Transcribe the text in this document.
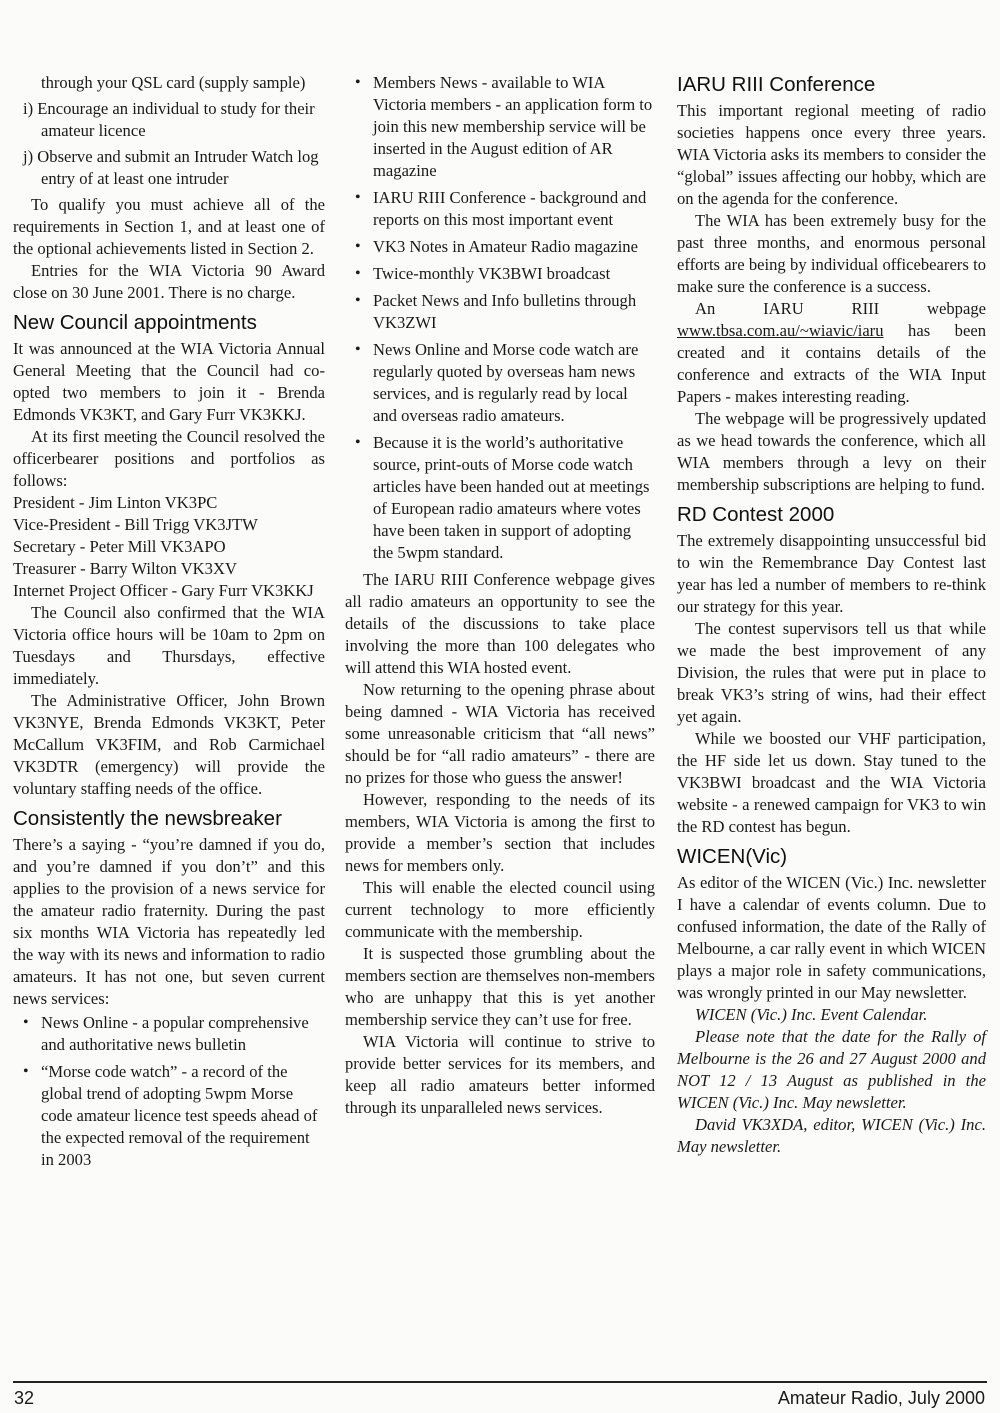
through your QSL card (supply sample)

i) Encourage an individual to study for their amateur licence

j) Observe and submit an Intruder Watch log entry of at least one intruder

To qualify you must achieve all of the requirements in Section 1, and at least one of the optional achievements listed in Section 2.

Entries for the WIA Victoria 90 Award close on 30 June 2001. There is no charge.

New Council appointments

It was announced at the WIA Victoria Annual General Meeting that the Council had co-opted two members to join it - Brenda Edmonds VK3KT, and Gary Furr VK3KKJ.

At its first meeting the Council resolved the officerbearer positions and portfolios as follows:

President - Jim Linton VK3PC

Vice-President - Bill Trigg VK3JTW

Secretary - Peter Mill VK3APO

Treasurer - Barry Wilton VK3XV

Internet Project Officer - Gary Furr VK3KKJ

The Council also confirmed that the WIA Victoria office hours will be 10am to 2pm on Tuesdays and Thursdays, effective immediately.

The Administrative Officer, John Brown VK3NYE, Brenda Edmonds VK3KT, Peter McCallum VK3FIM, and Rob Carmichael VK3DTR (emergency) will provide the voluntary staffing needs of the office.

Consistently the newsbreaker

There’s a saying - “you’re damned if you do, and you’re damned if you don’t” and this applies to the provision of a news service for the amateur radio fraternity. During the past six months WIA Victoria has repeatedly led the way with its news and information to radio amateurs. It has not one, but seven current news services:

• News Online - a popular comprehensive and authoritative news bulletin
• “Morse code watch” - a record of the global trend of adopting 5wpm Morse code amateur licence test speeds ahead of the expected removal of the requirement in 2003
• Members News - available to WIA Victoria members - an application form to join this new membership service will be inserted in the August edition of AR magazine
• IARU RIII Conference - background and reports on this most important event
• VK3 Notes in Amateur Radio magazine
• Twice-monthly VK3BWI broadcast
• Packet News and Info bulletins through VK3ZWI
• News Online and Morse code watch are regularly quoted by overseas ham news services, and is regularly read by local and overseas radio amateurs.
• Because it is the world’s authoritative source, print-outs of Morse code watch articles have been handed out at meetings of European radio amateurs where votes have been taken in support of adopting the 5wpm standard.

The IARU RIII Conference webpage gives all radio amateurs an opportunity to see the details of the discussions to take place involving the more than 100 delegates who will attend this WIA hosted event.

Now returning to the opening phrase about being damned - WIA Victoria has received some unreasonable criticism that “all news” should be for “all radio amateurs” - there are no prizes for those who guess the answer!

However, responding to the needs of its members, WIA Victoria is among the first to provide a member’s section that includes news for members only.

This will enable the elected council using current technology to more efficiently communicate with the membership.

It is suspected those grumbling about the members section are themselves non-members who are unhappy that this is yet another membership service they can’t use for free.

WIA Victoria will continue to strive to provide better services for its members, and keep all radio amateurs better informed through its unparalleled news services.

IARU RIII Conference

This important regional meeting of radio societies happens once every three years. WIA Victoria asks its members to consider the “global” issues affecting our hobby, which are on the agenda for the conference.

The WIA has been extremely busy for the past three months, and enormous personal efforts are being by individual officebearers to make sure the conference is a success.

An IARU RIII webpage www.tbsa.com.au/~wiavic/iaru has been created and it contains details of the conference and extracts of the WIA Input Papers - makes interesting reading.

The webpage will be progressively updated as we head towards the conference, which all WIA members through a levy on their membership subscriptions are helping to fund.

RD Contest 2000

The extremely disappointing unsuccessful bid to win the Remembrance Day Contest last year has led a number of members to re-think our strategy for this year.

The contest supervisors tell us that while we made the best improvement of any Division, the rules that were put in place to break VK3’s string of wins, had their effect yet again.

While we boosted our VHF participation, the HF side let us down. Stay tuned to the VK3BWI broadcast and the WIA Victoria website - a renewed campaign for VK3 to win the RD contest has begun.

WICEN(Vic)

As editor of the WICEN (Vic.) Inc. newsletter I have a calendar of events column. Due to confused information, the date of the Rally of Melbourne, a car rally event in which WICEN plays a major role in safety communications, was wrongly printed in our May newsletter.

WICEN (Vic.) Inc. Event Calendar.

Please note that the date for the Rally of Melbourne is the 26 and 27 August 2000 and NOT 12 / 13 August as published in the WICEN (Vic.) Inc. May newsletter.

David VK3XDA, editor, WICEN (Vic.) Inc. May newsletter.

32	Amateur Radio, July 2000
